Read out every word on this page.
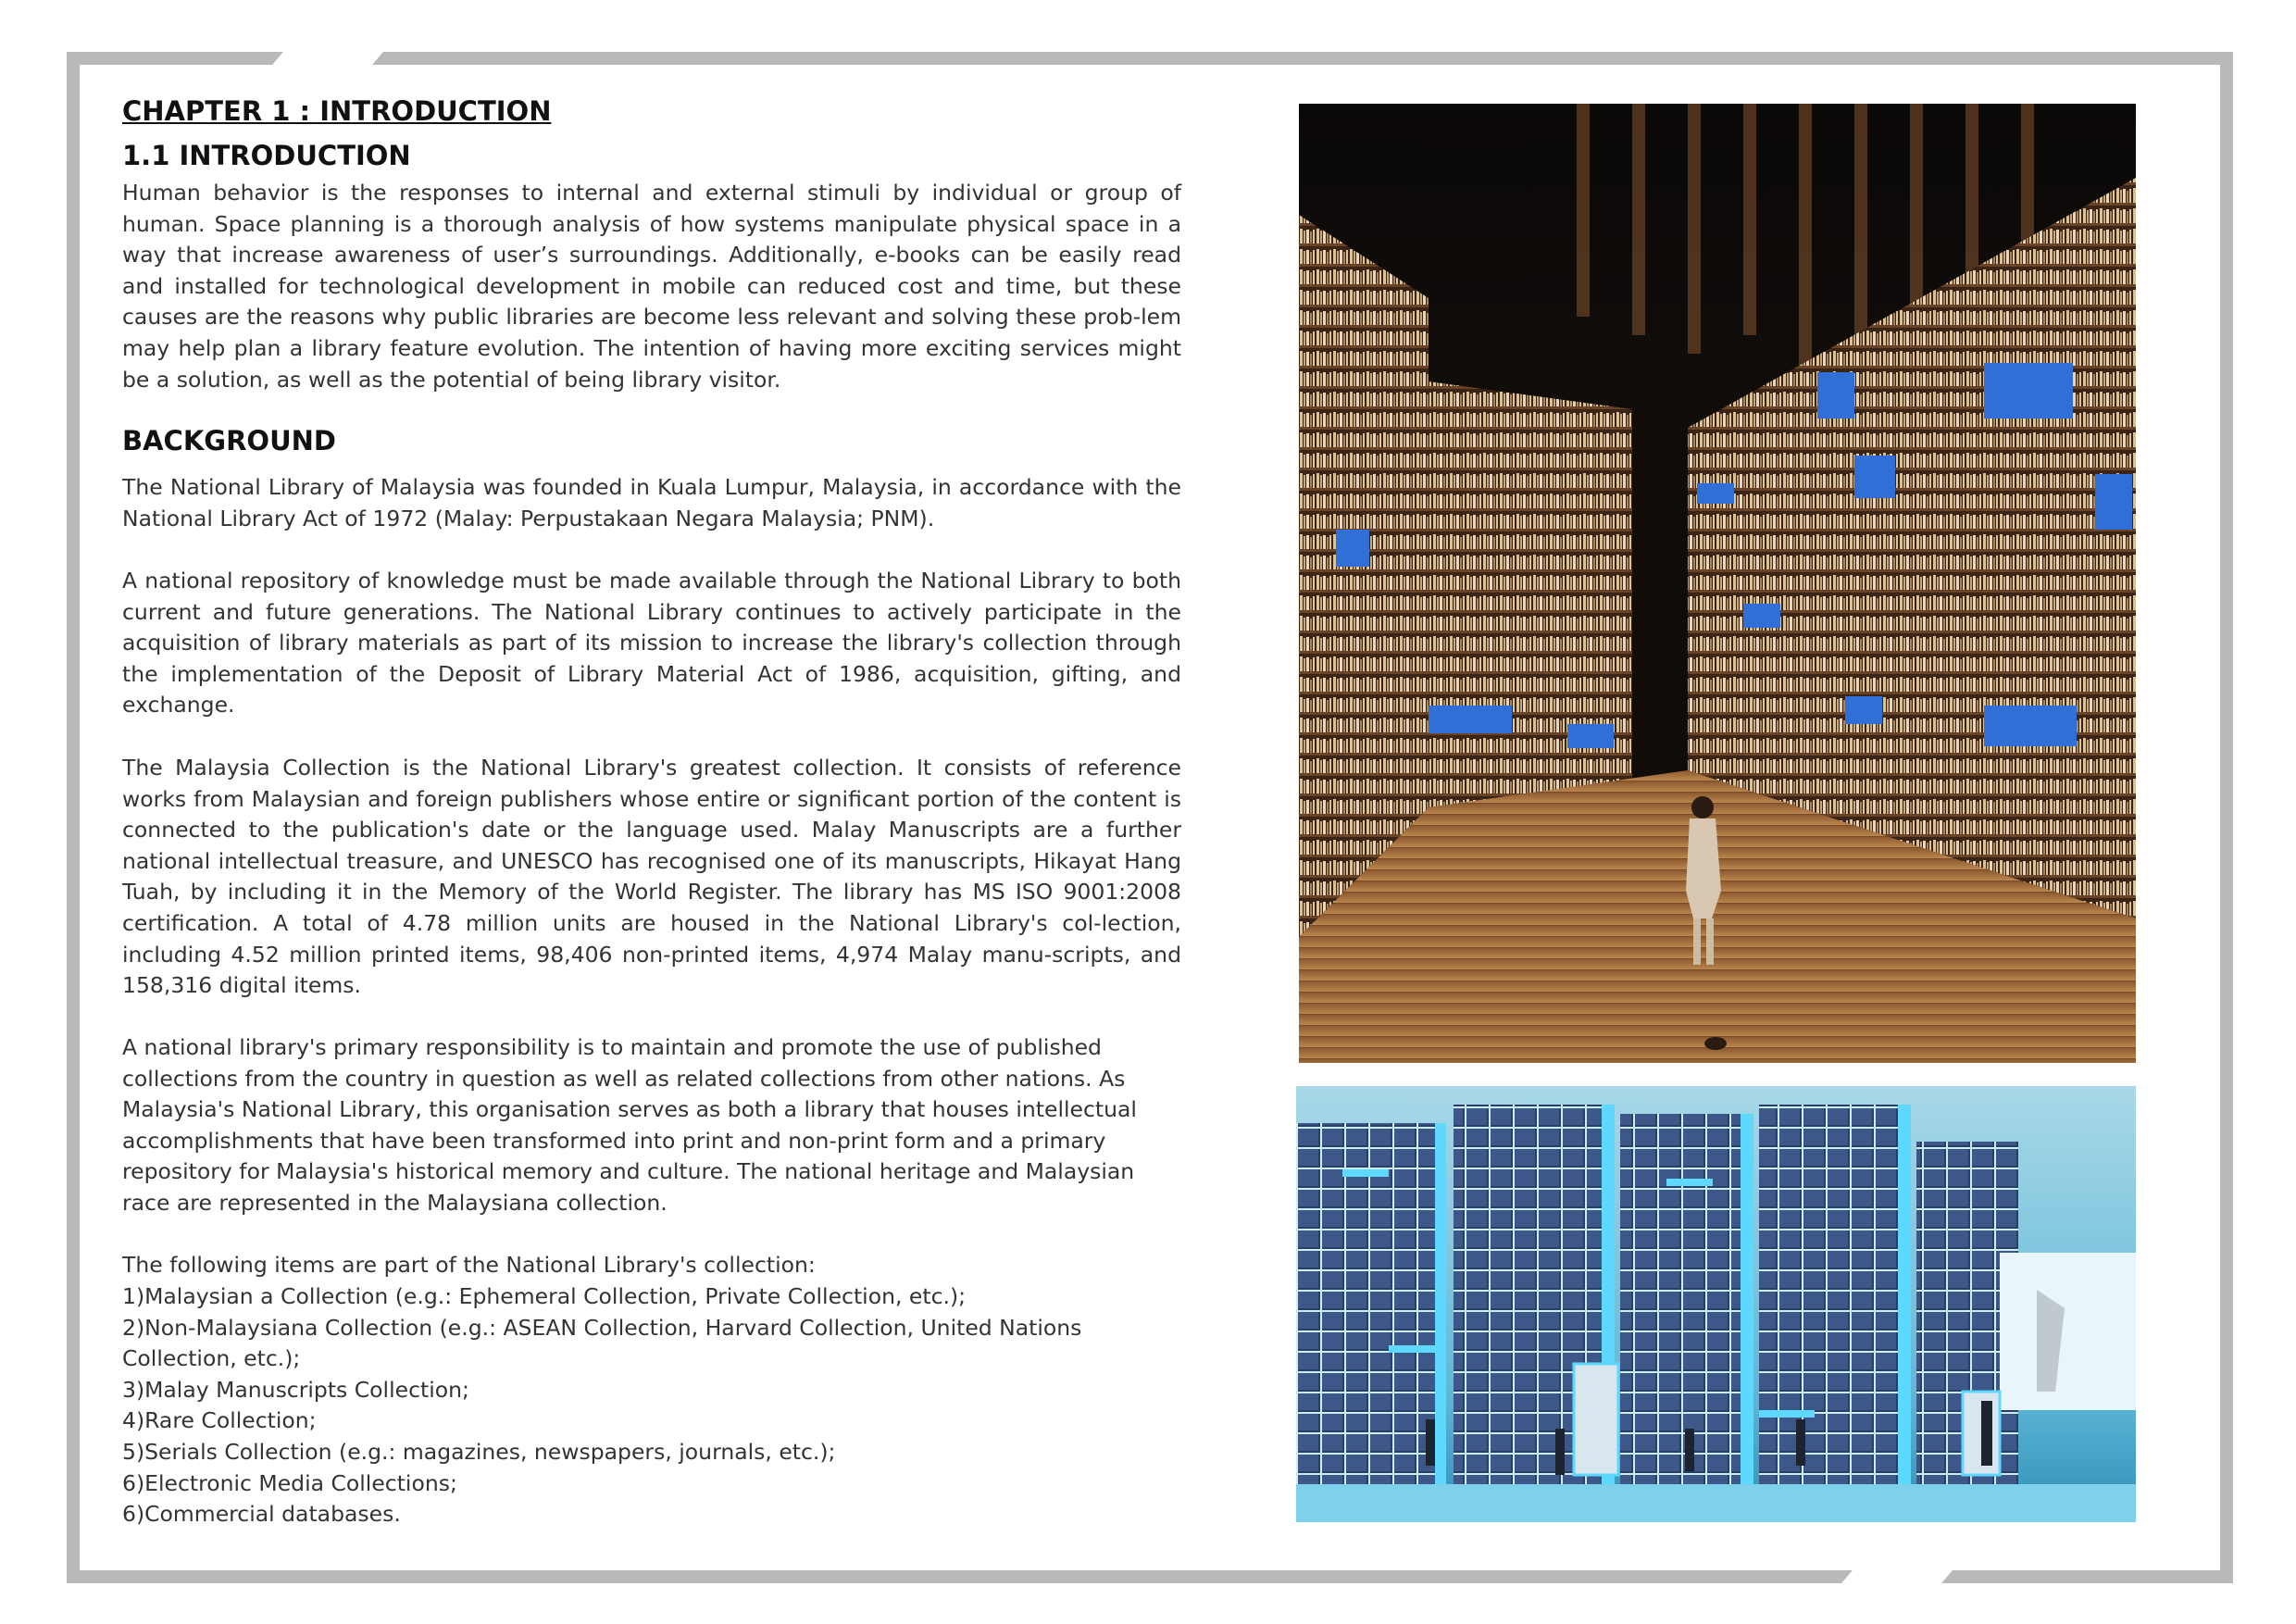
CHAPTER 1 : INTRODUCTION
1.1 INTRODUCTION

Human behavior is the responses to internal and external stimuli by individual or group of human. Space planning is a thorough analysis of how systems manipulate physical space in a way that increase awareness of user’s surroundings. Additionally, e-books can be easily read and installed for technological development in mobile can reduced cost and time, but these causes are the reasons why public libraries are become less relevant and solving these prob-lem may help plan a library feature evolution. The intention of having more exciting services might be a solution, as well as the potential of being library visitor.

BACKGROUND

The National Library of Malaysia was founded in Kuala Lumpur, Malaysia, in accordance with the National Library Act of 1972 (Malay: Perpustakaan Negara Malaysia; PNM).

A national repository of knowledge must be made available through the National Library to both current and future generations. The National Library continues to actively participate in the acquisition of library materials as part of its mission to increase the library's collection through the implementation of the Deposit of Library Material Act of 1986, acquisition, gifting, and exchange.

The Malaysia Collection is the National Library's greatest collection. It consists of reference works from Malaysian and foreign publishers whose entire or significant portion of the content is connected to the publication's date or the language used. Malay Manuscripts are a further national intellectual treasure, and UNESCO has recognised one of its manuscripts, Hikayat Hang Tuah, by including it in the Memory of the World Register. The library has MS ISO 9001:2008 certification. A total of 4.78 million units are housed in the National Library's col-lection, including 4.52 million printed items, 98,406 non-printed items, 4,974 Malay manu-scripts, and 158,316 digital items.

A national library's primary responsibility is to maintain and promote the use of published collections from the country in question as well as related collections from other nations. As Malaysia's National Library, this organisation serves as both a library that houses intellectual accomplishments that have been transformed into print and non-print form and a primary repository for Malaysia's historical memory and culture. The national heritage and Malaysian race are represented in the Malaysiana collection.

The following items are part of the National Library's collection:

1)Malaysian a Collection (e.g.: Ephemeral Collection, Private Collection, etc.);
2)Non-Malaysiana Collection (e.g.: ASEAN Collection, Harvard Collection, United Nations Collection, etc.);
3)Malay Manuscripts Collection;
4)Rare Collection;
5)Serials Collection (e.g.: magazines, newspapers, journals, etc.);
6)Electronic Media Collections;
6)Commercial databases.
